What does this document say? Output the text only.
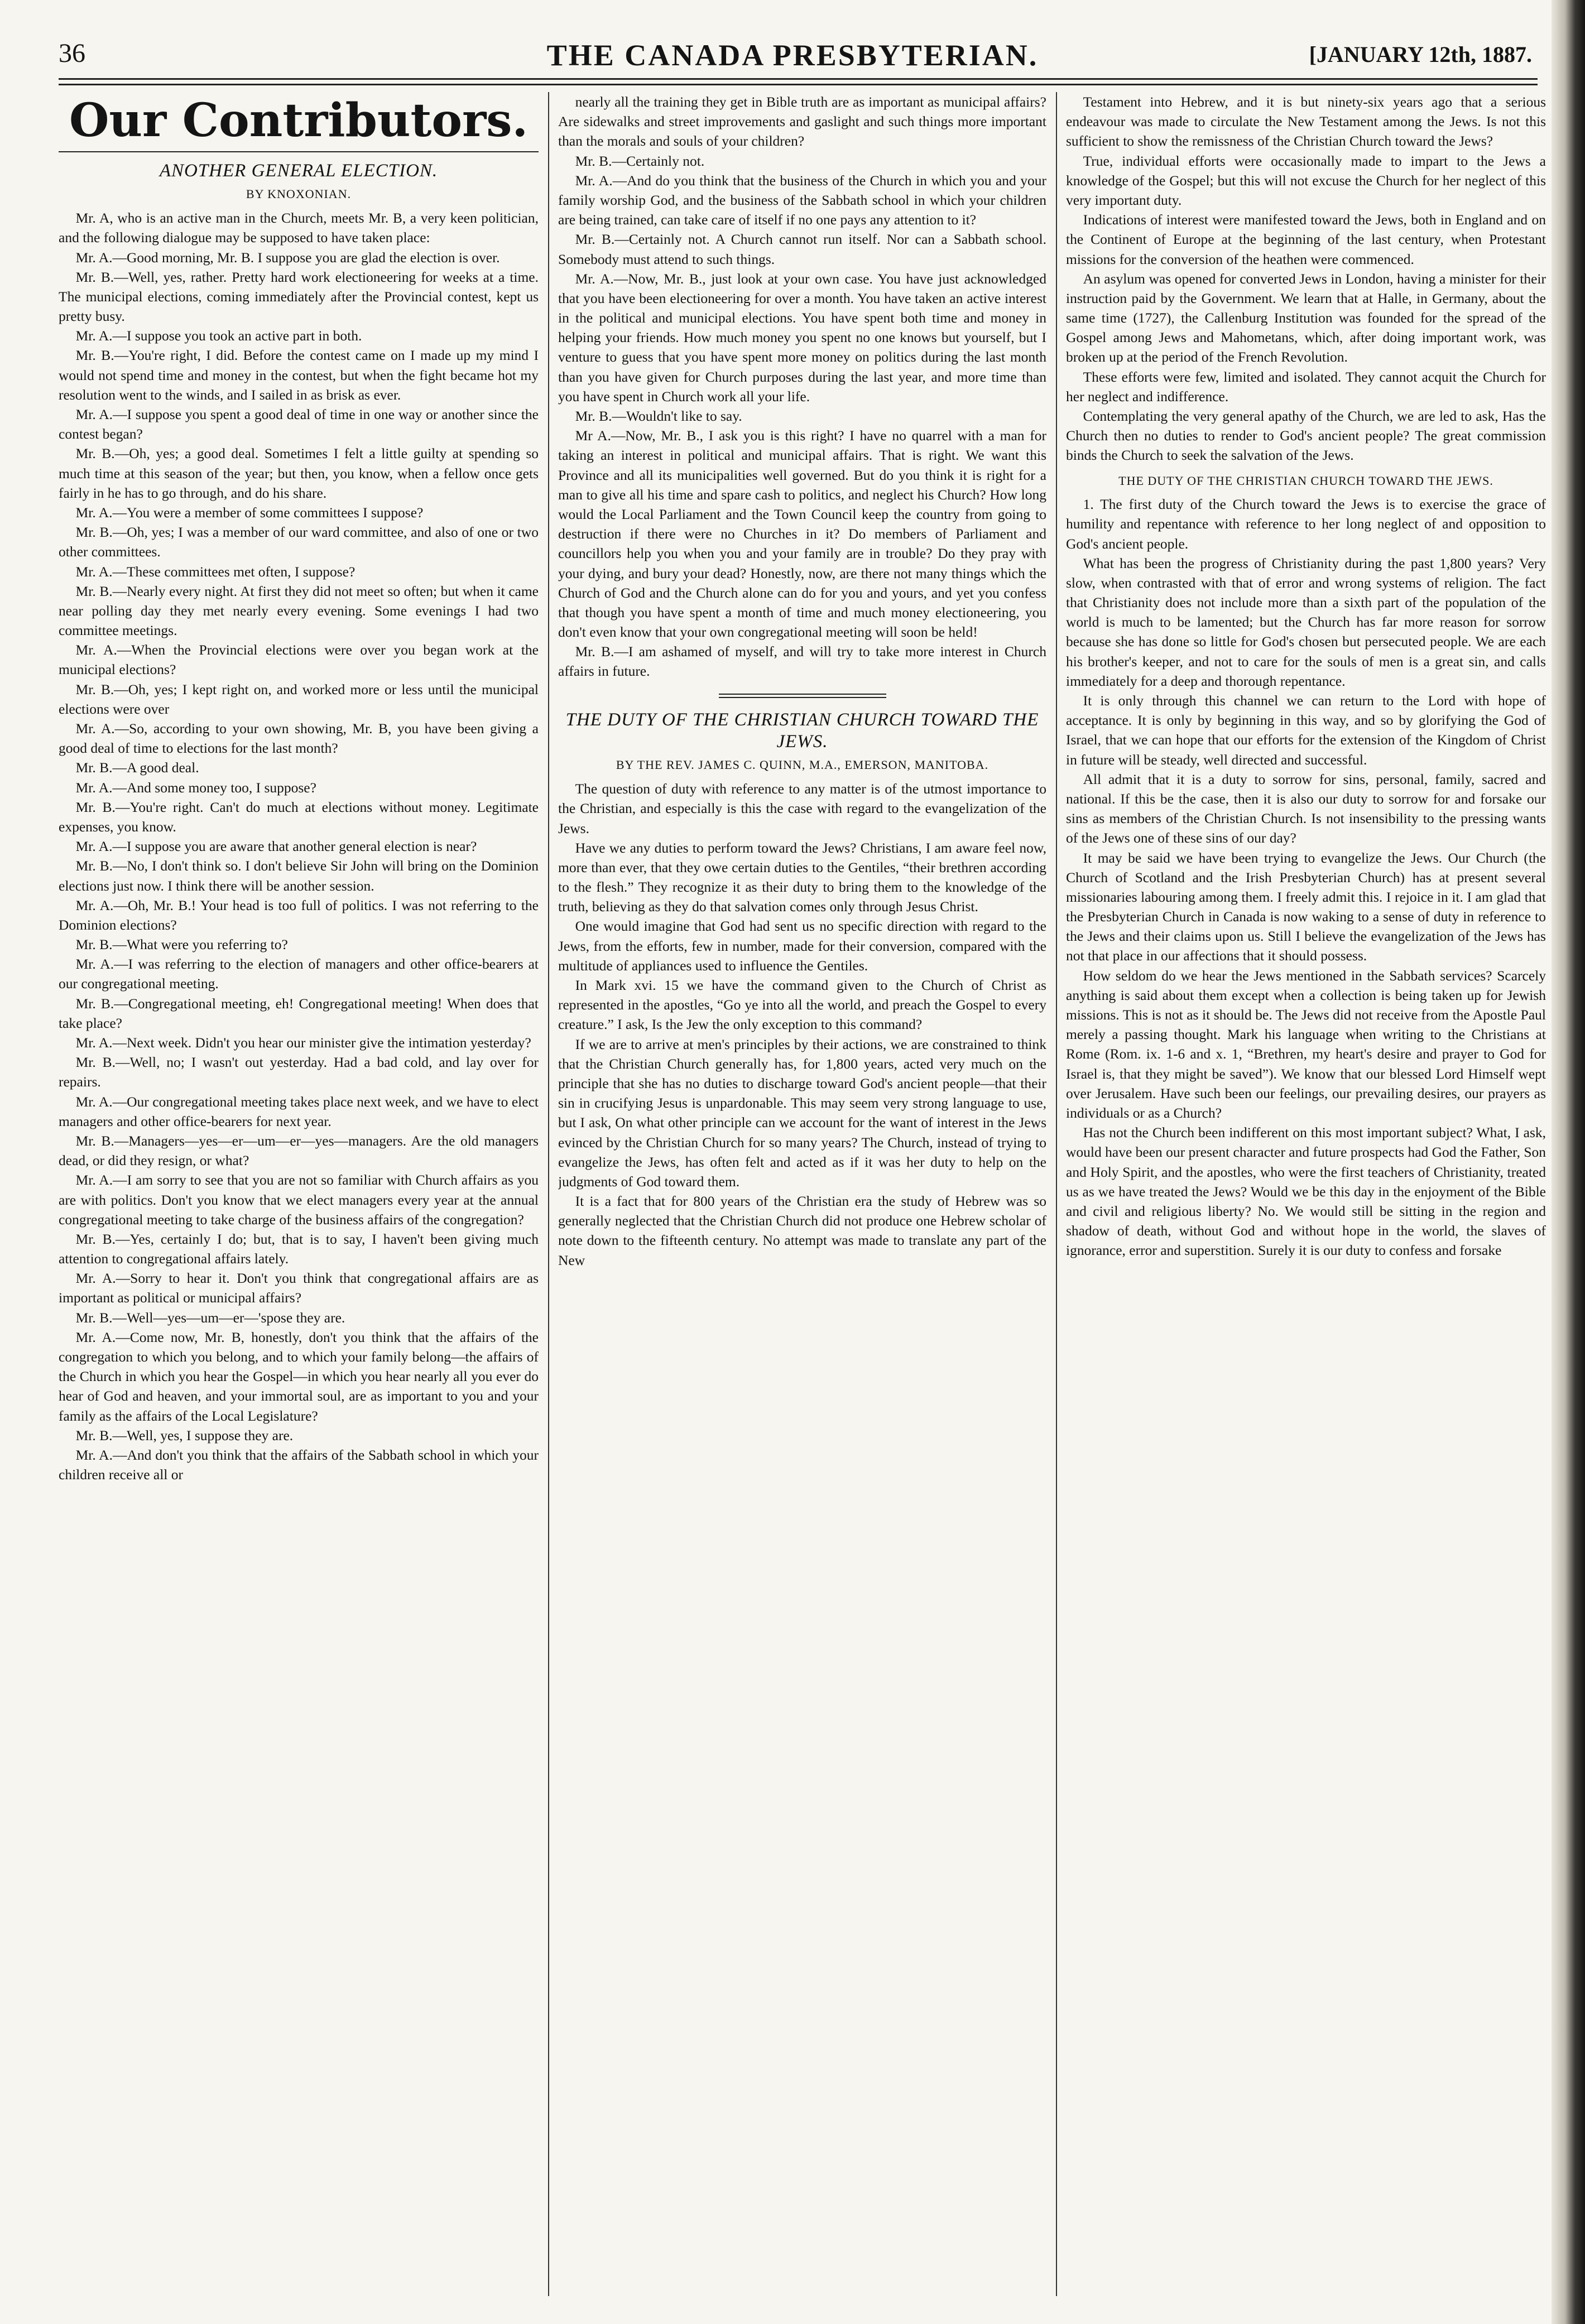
36	THE CANADA PRESBYTERIAN.	[JANUARY 12th, 1887.
Our Contributors.
ANOTHER GENERAL ELECTION.
BY KNOXONIAN.

Mr. A, who is an active man in the Church, meets Mr. B, a very keen politician, and the following dialogue may be supposed to have taken place:

Mr. A.—Good morning, Mr. B. I suppose you are glad the election is over.

Mr. B.—Well, yes, rather. Pretty hard work electioneering for weeks at a time. The municipal elections, coming immediately after the Provincial contest, kept us pretty busy.

Mr. A.—I suppose you took an active part in both.

Mr. B.—You're right, I did. Before the contest came on I made up my mind I would not spend time and money in the contest, but when the fight became hot my resolution went to the winds, and I sailed in as brisk as ever.

Mr. A.—I suppose you spent a good deal of time in one way or another since the contest began?

Mr. B.—Oh, yes; a good deal. Sometimes I felt a little guilty at spending so much time at this season of the year; but then, you know, when a fellow once gets fairly in he has to go through, and do his share.

Mr. A.—You were a member of some committees I suppose?

Mr. B.—Oh, yes; I was a member of our ward committee, and also of one or two other committees.

Mr. A.—These committees met often, I suppose?

Mr. B.—Nearly every night. At first they did not meet so often; but when it came near polling day they met nearly every evening. Some evenings I had two committee meetings.

Mr. A.—When the Provincial elections were over you began work at the municipal elections?

Mr. B.—Oh, yes; I kept right on, and worked more or less until the municipal elections were over

Mr. A.—So, according to your own showing, Mr. B, you have been giving a good deal of time to elections for the last month?

Mr. B.—A good deal.

Mr. A.—And some money too, I suppose?

Mr. B.—You're right. Can't do much at elections without money. Legitimate expenses, you know.

Mr. A.—I suppose you are aware that another general election is near?

Mr. B.—No, I don't think so. I don't believe Sir John will bring on the Dominion elections just now. I think there will be another session.

Mr. A.—Oh, Mr. B.! Your head is too full of politics. I was not referring to the Dominion elections?

Mr. B.—What were you referring to?

Mr. A.—I was referring to the election of managers and other office-bearers at our congregational meeting.

Mr. B.—Congregational meeting, eh! Congregational meeting! When does that take place?

Mr. A.—Next week. Didn't you hear our minister give the intimation yesterday?

Mr. B.—Well, no; I wasn't out yesterday. Had a bad cold, and lay over for repairs.

Mr. A.—Our congregational meeting takes place next week, and we have to elect managers and other office-bearers for next year.

Mr. B.—Managers—yes—er—um—er—yes—managers. Are the old managers dead, or did they resign, or what?

Mr. A.—I am sorry to see that you are not so familiar with Church affairs as you are with politics. Don't you know that we elect managers every year at the annual congregational meeting to take charge of the business affairs of the congregation?

Mr. B.—Yes, certainly I do; but, that is to say, I haven't been giving much attention to congregational affairs lately.

Mr. A.—Sorry to hear it. Don't you think that congregational affairs are as important as political or municipal affairs?

Mr. B.—Well—yes—um—er—'spose they are.

Mr. A.—Come now, Mr. B, honestly, don't you think that the affairs of the congregation to which you belong, and to which your family belong—the affairs of the Church in which you hear the Gospel—in which you hear nearly all you ever do hear of God and heaven, and your immortal soul, are as important to you and your family as the affairs of the Local Legislature?

Mr. B.—Well, yes, I suppose they are.

Mr. A.—And don't you think that the affairs of the Sabbath school in which your children receive all or

nearly all the training they get in Bible truth are as important as municipal affairs? Are sidewalks and street improvements and gaslight and such things more important than the morals and souls of your children?

Mr. B.—Certainly not.

Mr. A.—And do you think that the business of the Church in which you and your family worship God, and the business of the Sabbath school in which your children are being trained, can take care of itself if no one pays any attention to it?

Mr. B.—Certainly not. A Church cannot run itself. Nor can a Sabbath school. Somebody must attend to such things.

Mr. A.—Now, Mr. B., just look at your own case. You have just acknowledged that you have been electioneering for over a month. You have taken an active interest in the political and municipal elections. You have spent both time and money in helping your friends. How much money you spent no one knows but yourself, but I venture to guess that you have spent more money on politics during the last month than you have given for Church purposes during the last year, and more time than you have spent in Church work all your life.

Mr. B.—Wouldn't like to say.

Mr A.—Now, Mr. B., I ask you is this right? I have no quarrel with a man for taking an interest in political and municipal affairs. That is right. We want this Province and all its municipalities well governed. But do you think it is right for a man to give all his time and spare cash to politics, and neglect his Church? How long would the Local Parliament and the Town Council keep the country from going to destruction if there were no Churches in it? Do members of Parliament and councillors help you when you and your family are in trouble? Do they pray with your dying, and bury your dead? Honestly, now, are there not many things which the Church of God and the Church alone can do for you and yours, and yet you confess that though you have spent a month of time and much money electioneering, you don't even know that your own congregational meeting will soon be held!

Mr. B.—I am ashamed of myself, and will try to take more interest in Church affairs in future.

THE DUTY OF THE CHRISTIAN CHURCH TOWARD THE JEWS.
BY THE REV. JAMES C. QUINN, M.A., EMERSON, MANITOBA.

The question of duty with reference to any matter is of the utmost importance to the Christian, and especially is this the case with regard to the evangelization of the Jews.

Have we any duties to perform toward the Jews? Christians, I am aware feel now, more than ever, that they owe certain duties to the Gentiles, “their brethren according to the flesh.” They recognize it as their duty to bring them to the knowledge of the truth, believing as they do that salvation comes only through Jesus Christ.

One would imagine that God had sent us no specific direction with regard to the Jews, from the efforts, few in number, made for their conversion, compared with the multitude of appliances used to influence the Gentiles.

In Mark xvi. 15 we have the command given to the Church of Christ as represented in the apostles, “Go ye into all the world, and preach the Gospel to every creature.” I ask, Is the Jew the only exception to this command?

If we are to arrive at men's principles by their actions, we are constrained to think that the Christian Church generally has, for 1,800 years, acted very much on the principle that she has no duties to discharge toward God's ancient people—that their sin in crucifying Jesus is unpardonable. This may seem very strong language to use, but I ask, On what other principle can we account for the want of interest in the Jews evinced by the Christian Church for so many years? The Church, instead of trying to evangelize the Jews, has often felt and acted as if it was her duty to help on the judgments of God toward them.

It is a fact that for 800 years of the Christian era the study of Hebrew was so generally neglected that the Christian Church did not produce one Hebrew scholar of note down to the fifteenth century. No attempt was made to translate any part of the New

Testament into Hebrew, and it is but ninety-six years ago that a serious endeavour was made to circulate the New Testament among the Jews. Is not this sufficient to show the remissness of the Christian Church toward the Jews?

True, individual efforts were occasionally made to impart to the Jews a knowledge of the Gospel; but this will not excuse the Church for her neglect of this very important duty.

Indications of interest were manifested toward the Jews, both in England and on the Continent of Europe at the beginning of the last century, when Protestant missions for the conversion of the heathen were commenced.

An asylum was opened for converted Jews in London, having a minister for their instruction paid by the Government. We learn that at Halle, in Germany, about the same time (1727), the Callenburg Institution was founded for the spread of the Gospel among Jews and Mahometans, which, after doing important work, was broken up at the period of the French Revolution.

These efforts were few, limited and isolated. They cannot acquit the Church for her neglect and indifference.

Contemplating the very general apathy of the Church, we are led to ask, Has the Church then no duties to render to God's ancient people? The great commission binds the Church to seek the salvation of the Jews.

THE DUTY OF THE CHRISTIAN CHURCH TOWARD THE JEWS.

1. The first duty of the Church toward the Jews is to exercise the grace of humility and repentance with reference to her long neglect of and opposition to God's ancient people.

What has been the progress of Christianity during the past 1,800 years? Very slow, when contrasted with that of error and wrong systems of religion. The fact that Christianity does not include more than a sixth part of the population of the world is much to be lamented; but the Church has far more reason for sorrow because she has done so little for God's chosen but persecuted people. We are each his brother's keeper, and not to care for the souls of men is a great sin, and calls immediately for a deep and thorough repentance.

It is only through this channel we can return to the Lord with hope of acceptance. It is only by beginning in this way, and so by glorifying the God of Israel, that we can hope that our efforts for the extension of the Kingdom of Christ in future will be steady, well directed and successful.

All admit that it is a duty to sorrow for sins, personal, family, sacred and national. If this be the case, then it is also our duty to sorrow for and forsake our sins as members of the Christian Church. Is not insensibility to the pressing wants of the Jews one of these sins of our day?

It may be said we have been trying to evangelize the Jews. Our Church (the Church of Scotland and the Irish Presbyterian Church) has at present several missionaries labouring among them. I freely admit this. I rejoice in it. I am glad that the Presbyterian Church in Canada is now waking to a sense of duty in reference to the Jews and their claims upon us. Still I believe the evangelization of the Jews has not that place in our affections that it should possess.

How seldom do we hear the Jews mentioned in the Sabbath services? Scarcely anything is said about them except when a collection is being taken up for Jewish missions. This is not as it should be. The Jews did not receive from the Apostle Paul merely a passing thought. Mark his language when writing to the Christians at Rome (Rom. ix. 1-6 and x. 1, “Brethren, my heart's desire and prayer to God for Israel is, that they might be saved”). We know that our blessed Lord Himself wept over Jerusalem. Have such been our feelings, our prevailing desires, our prayers as individuals or as a Church?

Has not the Church been indifferent on this most important subject? What, I ask, would have been our present character and future prospects had God the Father, Son and Holy Spirit, and the apostles, who were the first teachers of Christianity, treated us as we have treated the Jews? Would we be this day in the enjoyment of the Bible and civil and religious liberty? No. We would still be sitting in the region and shadow of death, without God and without hope in the world, the slaves of ignorance, error and superstition. Surely it is our duty to confess and forsake
